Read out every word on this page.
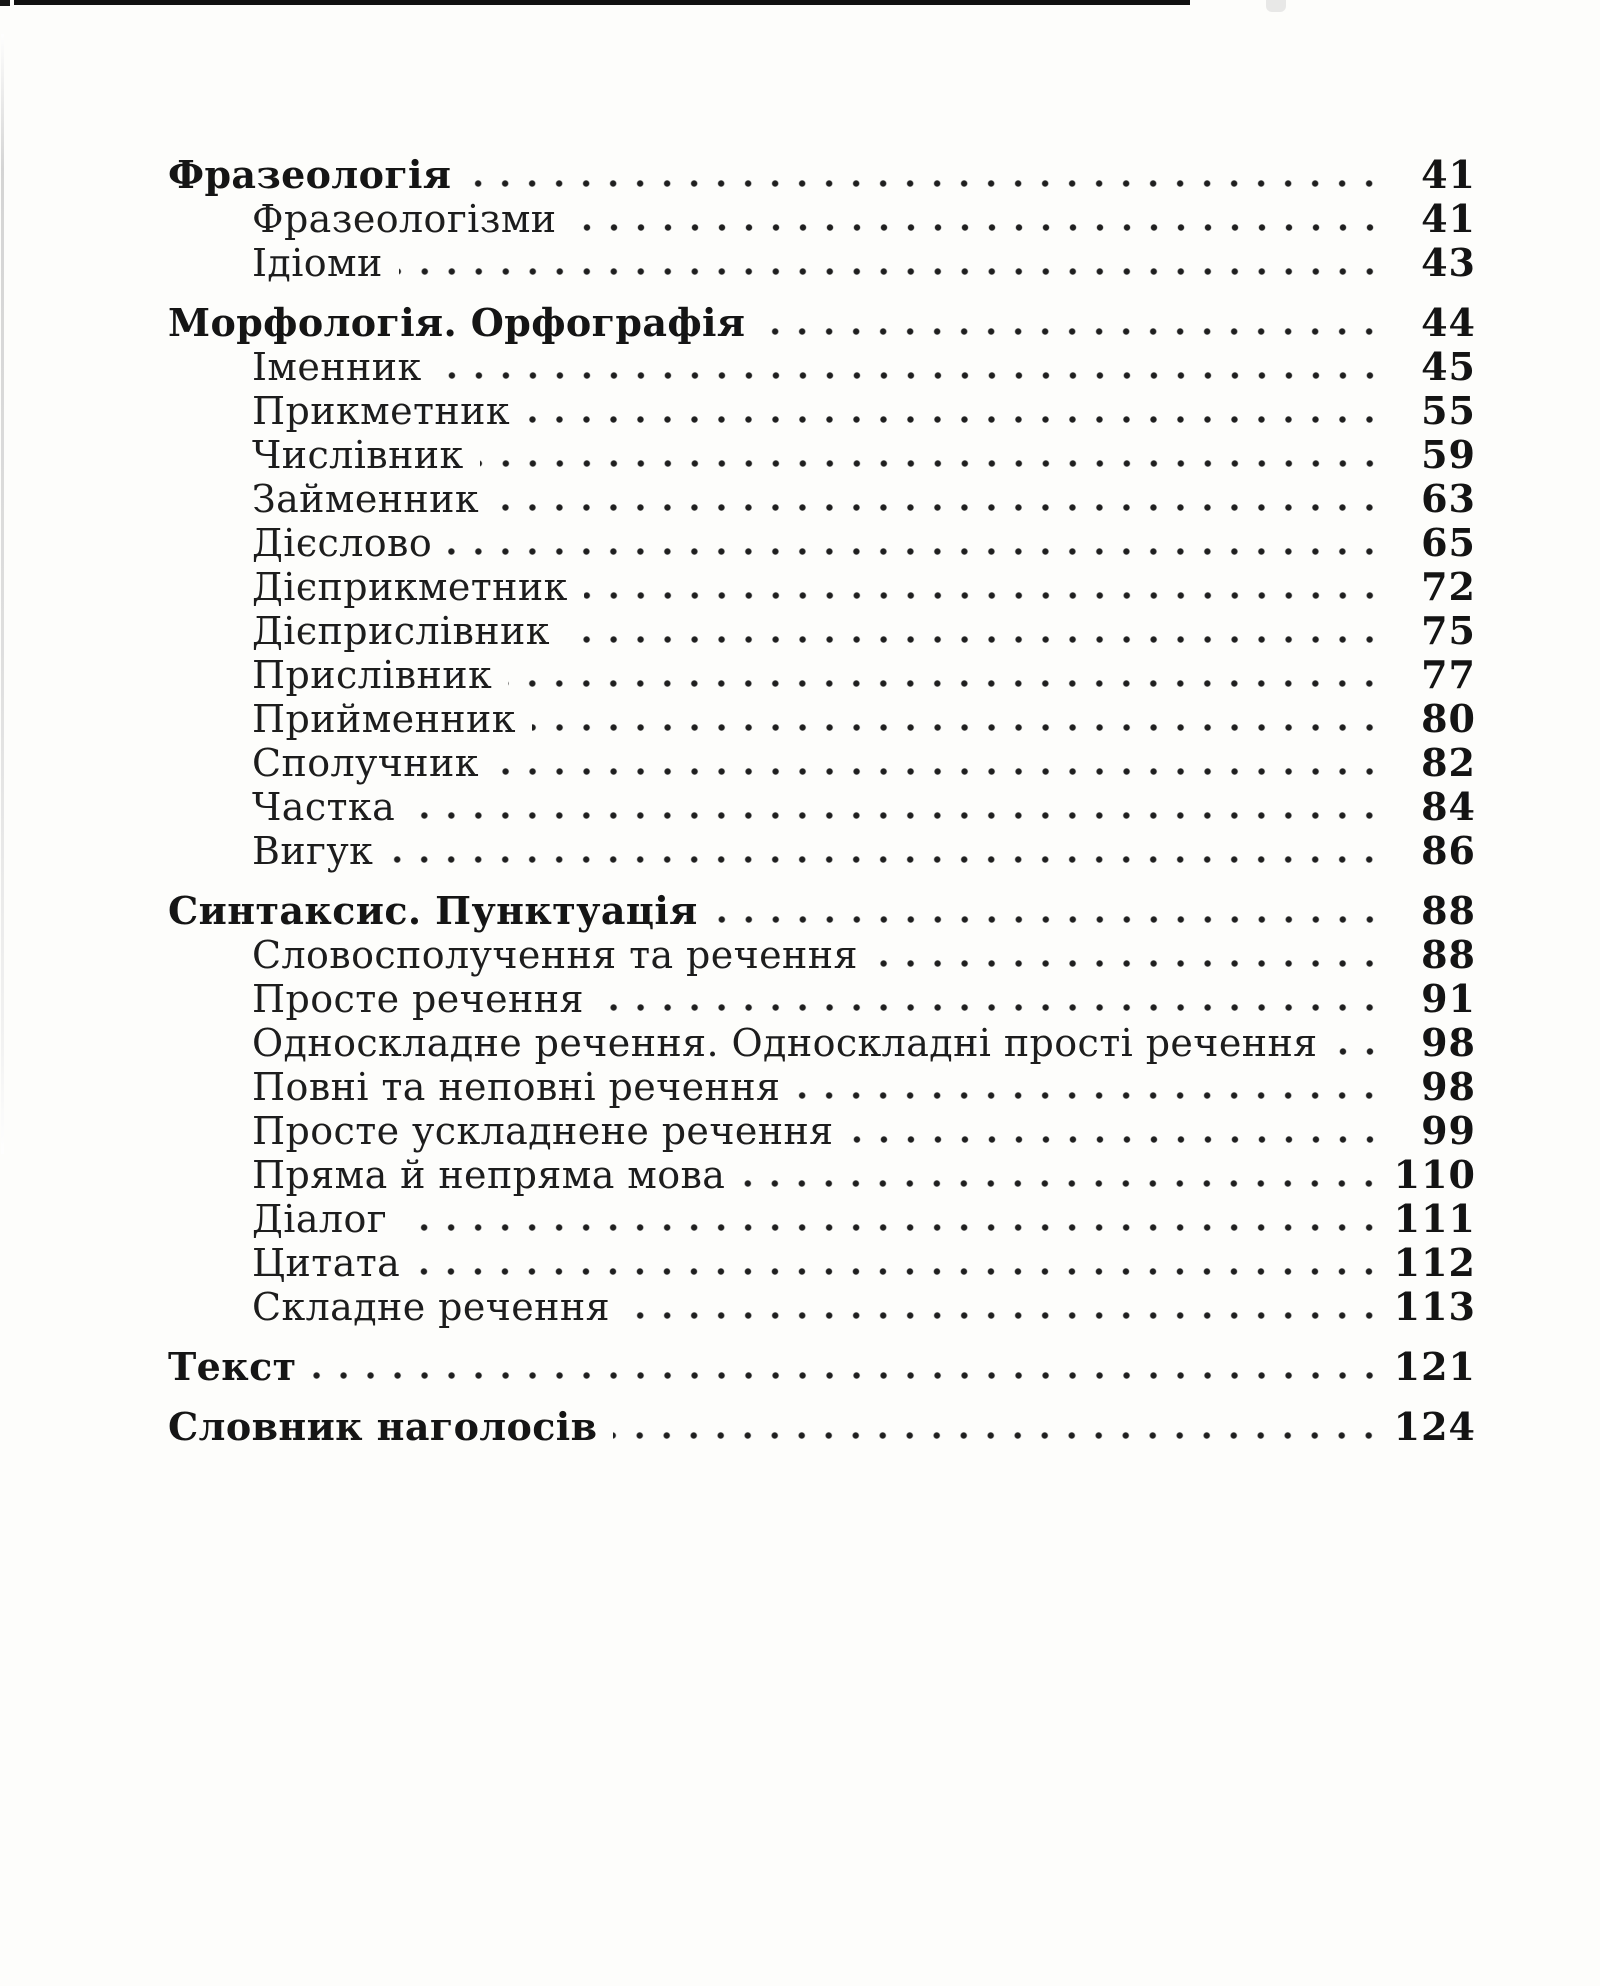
Фразеологія	41
Фразеологізми	41
Ідіоми	43
Морфологія. Орфографія	44
Іменник	45
Прикметник	55
Числівник	59
Займенник	63
Дієслово	65
Дієприкметник	72
Дієприслівник	75
Прислівник	77
Прийменник	80
Сполучник	82
Частка	84
Вигук	86
Синтаксис. Пунктуація	88
Словосполучення та речення	88
Просте речення	91
Односкладне речення. Односкладні прості речення	98
Повні та неповні речення	98
Просте ускладнене речення	99
Пряма й непряма мова	110
Діалог	111
Цитата	112
Складне речення	113
Текст	121
Словник наголосів	124
